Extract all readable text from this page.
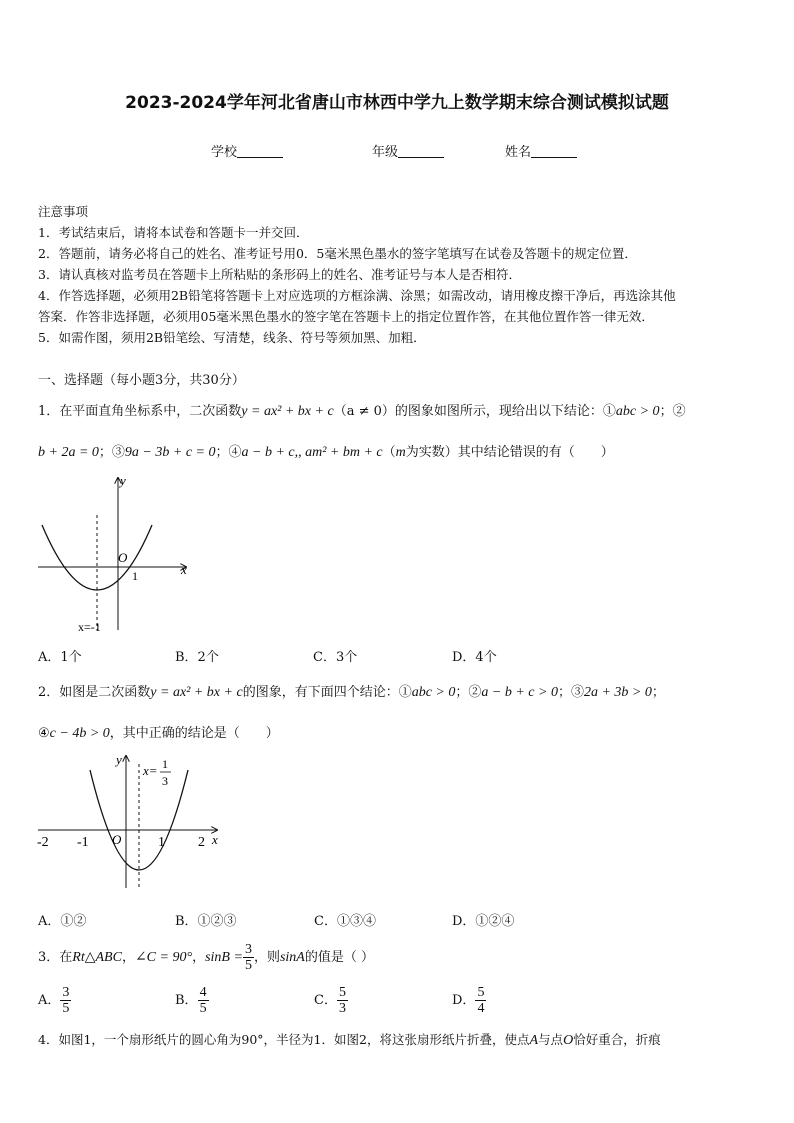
2023-2024学年河北省唐山市林西中学九上数学期末综合测试模拟试题
学校	年级	姓名
注意事项
1．考试结束后，请将本试卷和答题卡一并交回．
2．答题前，请务必将自己的姓名、准考证号用0．5毫米黑色墨水的签字笔填写在试卷及答题卡的规定位置．
3．请认真核对监考员在答题卡上所粘贴的条形码上的姓名、准考证号与本人是否相符．
4．作答选择题，必须用2B铅笔将答题卡上对应选项的方框涂满、涂黑；如需改动，请用橡皮擦干净后，再选涂其他
答案．作答非选择题，必须用05毫米黑色墨水的签字笔在答题卡上的指定位置作答，在其他位置作答一律无效．
5．如需作图，须用2B铅笔绘、写清楚，线条、符号等须加黑、加粗．
一、选择题（每小题3分，共30分）
1．在平面直角坐标系中，二次函数y = ax² + bx + c（a ≠ 0）的图象如图所示，现给出以下结论：①abc > 0；②
b + 2a = 0；③9a − 3b + c = 0；④a − b + c,, am² + bm + c（m为实数）其中结论错误的有（　　）
y
x
O
1
x=-1
A．1个	B．2个	C．3个	D．4个
2．如图是二次函数y = ax² + bx + c的图象，有下面四个结论：①abc > 0；②a − b + c > 0；③2a + 3b > 0；
④c − 4b > 0，其中正确的结论是（　　）
-2 -1 O	1 2 x
y
x= 1
3
A．①②	B．①②③	C．①③④	D．①②④
3．在Rt△ABC，∠C = 90°，$\sin B = \frac{3}{5}$ ，则sinA的值是（ ）
A． $\frac{3}{5}$	B． $\frac{4}{5}$	C． $\frac{5}{3}$	D． $\frac{5}{4}$
4．如图1，一个扇形纸片的圆心角为90°，半径为1．如图2，将这张扇形纸片折叠，使点A与点O恰好重合，折痕
